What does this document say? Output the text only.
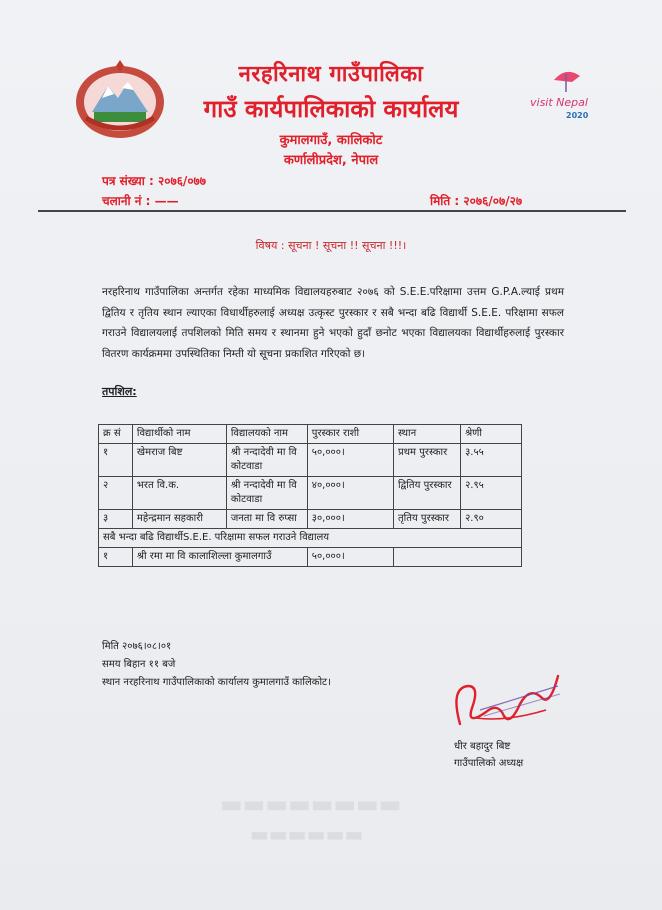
नरहरिनाथ गाउँपालिका
गाउँ कार्यपालिकाको कार्यालय
कुमालगाउँ, कालिकोट
कर्णालीप्रदेश, नेपाल
visit Nepal
2020
पत्र संख्या : २०७६/०७७
चलानी नं : ——	मिति : २०७६/०७/२७
विषय : सूचना ! सूचना !! सूचना !!!।
नरहरिनाथ गाउँपालिका अन्तर्गत रहेका माध्यमिक विद्यालयहरुबाट २०७६ को S.E.E.परिक्षामा उत्तम G.P.A.ल्याई प्रथम द्वितिय र तृतिय स्थान ल्याएका विधार्थीहरुलाई अध्यक्ष उत्कृस्ट पुरस्कार र सबै भन्दा बढि विद्यार्थी S.E.E. परिक्षामा सफल गराउने विद्यालयलाई तपशिलको मिति समय र स्थानमा हुने भएको हुदाँ छनोट भएका विद्यालयका विद्यार्थीहरुलाई पुरस्कार वितरण कार्यक्रममा उपस्थितिका निम्ती यो सूचना प्रकाशित गरिएको छ।
तपशिल:
क्र सं	विद्यार्थीको नाम	विद्यालयको नाम	पुरस्कार राशी	स्थान	श्रेणी
१	खेमराज बिष्ट	श्री नन्दादेवी मा वि कोटवाडा	५०,०००।	प्रथम पुरस्कार	३.५५
२	भरत वि.क.	श्री नन्दादेवी मा वि कोटवाडा	४०,०००।	द्वितिय पुरस्कार	२.९५
३	महेन्द्रमान सहकारी	जनता मा वि रुप्सा	३०,०००।	तृतिय पुरस्कार	२.९०
सबै भन्दा बढि विद्यार्थीS.E.E. परिक्षामा सफल गराउने विद्यालय					
१	श्री रमा मा वि कालाशिल्ला कुमालगाउँ		५०,०००।		
मिति २०७६।०८।०१
समय बिहान ११ बजे
स्थान नरहरिनाथ गाउँपालिकाको कार्यालय कुमालगाउँ कालिकोट।
धीर बहादुर बिष्ट
गाउँपालिकाे अध्यक्ष
▬▬▬▬▬▬▬▬
▬▬▬▬▬▬
